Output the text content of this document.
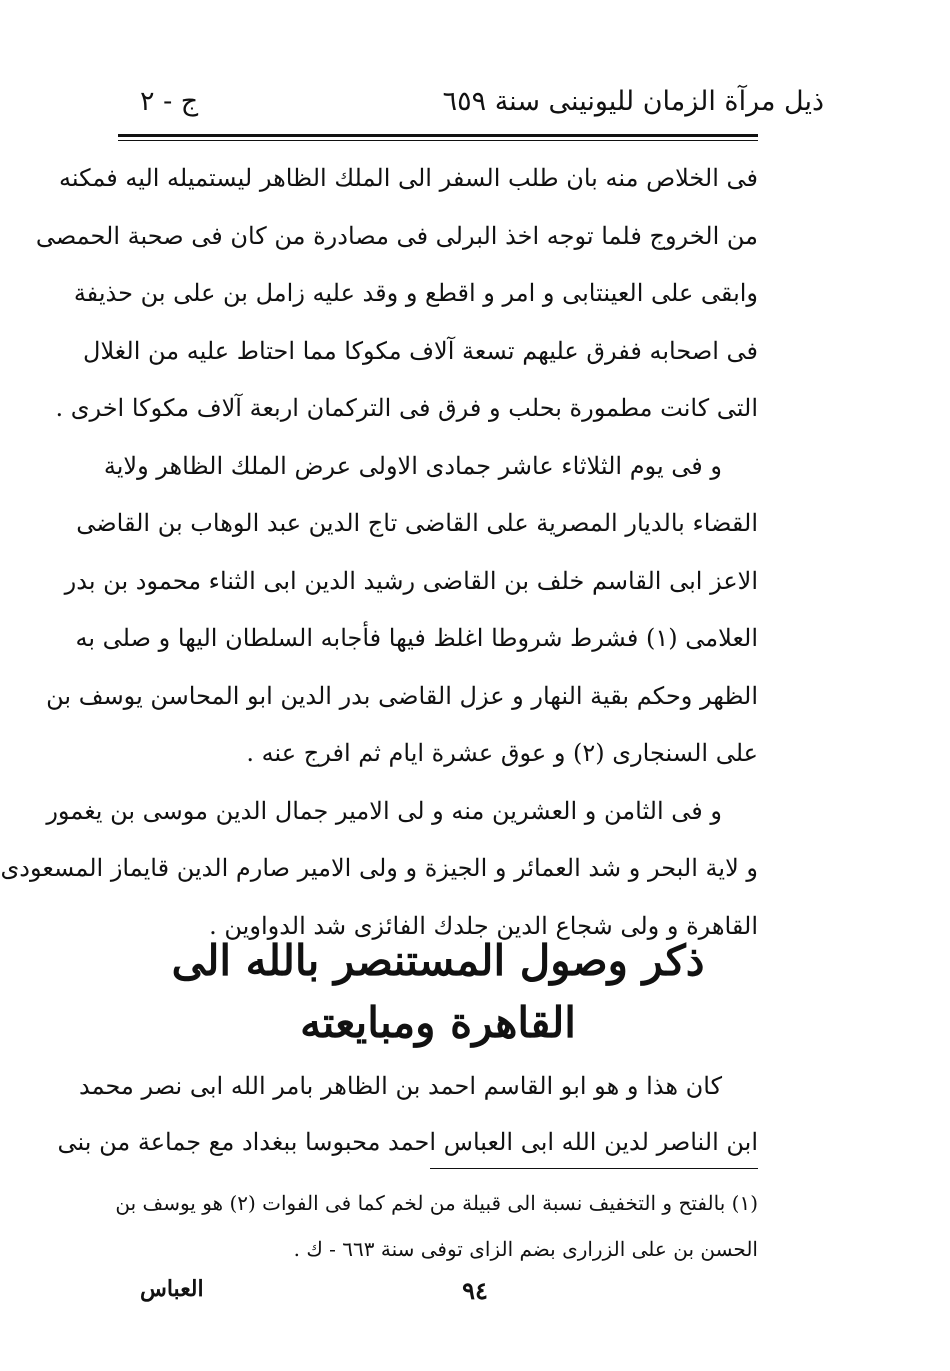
ذيل مرآة الزمان لليونينى سنة ٦٥٩
ج - ٢
فى الخلاص منه بان طلب السفر الى الملك الظاهر ليستميله اليه فمكنه
من الخروج فلما توجه اخذ البرلى فى مصادرة من كان فى صحبة الحمصى
وابقى على العينتابى و امر و اقطع و وقد عليه زامل بن على بن حذيفة
فى اصحابه ففرق عليهم تسعة آلاف مكوكا مما احتاط عليه من الغلال
التى كانت مطمورة بحلب و فرق فى التركمان اربعة آلاف مكوكا اخرى .
و فى يوم الثلاثاء عاشر جمادى الاولى عرض الملك الظاهر ولاية
القضاء بالديار المصرية على القاضى تاج الدين عبد الوهاب بن القاضى
الاعز ابى القاسم خلف بن القاضى رشيد الدين ابى الثناء محمود بن بدر
العلامى (١) فشرط شروطا اغلظ فيها فأجابه السلطان اليها و صلى به
الظهر وحكم بقية النهار و عزل القاضى بدر الدين ابو المحاسن يوسف بن
على السنجارى (٢) و عوق عشرة ايام ثم افرج عنه .
و فى الثامن و العشرين منه و لى الامير جمال الدين موسى بن يغمور
و لاية البحر و شد العمائر و الجيزة و ولى الامير صارم الدين قايماز المسعودى
القاهرة و ولى شجاع الدين جلدك الفائزى شد الدواوين .
ذكر وصول المستنصر بالله الى
القاهرة ومبايعته
كان هذا و هو ابو القاسم احمد بن الظاهر بامر الله ابى نصر محمد
ابن الناصر لدين الله ابى العباس احمد محبوسا ببغداد مع جماعة من بنى
(١) بالفتح و التخفيف نسبة الى قبيلة من لخم كما فى الفوات (٢) هو يوسف بن
الحسن بن على الزرارى بضم الزاى توفى سنة ٦٦٣ - ك .
٩٤
العباس
